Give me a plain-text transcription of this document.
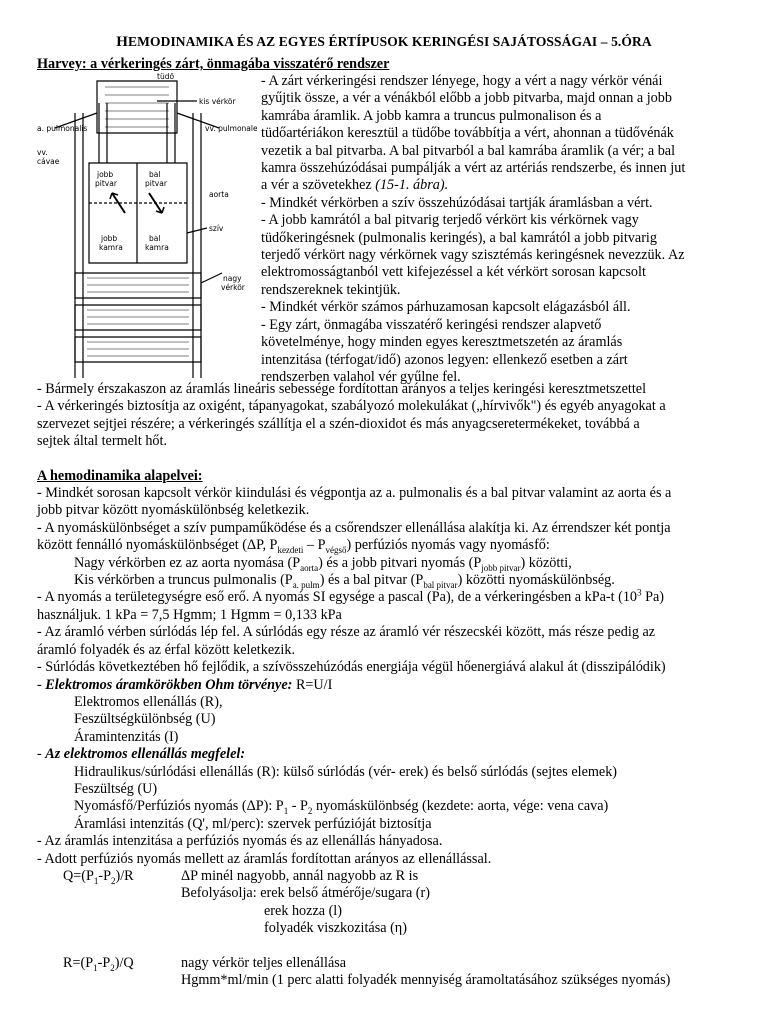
HEMODINAMIKA ÉS AZ EGYES ÉRTÍPUSOK KERINGÉSI SAJÁTOSSÁGAI – 5.ÓRA

Harvey: a vérkeringés zárt, önmagába visszatérő rendszer

tüdő
kis vérkör
a. pulmonalis	vv. pulmonales
vv.
cávae
jobb
pitvar
bal
pitvar
aorta
jobb
kamra
bal
kamra
szív
nagy
vérkör

- A zárt vérkeringési rendszer lényege, hogy a vért a nagy vérkör vénái

gyűjtik össze, a vér a vénákból előbb a jobb pitvarba, majd onnan a jobb

kamrába áramlik. A jobb kamra a truncus pulmonalison és a

tüdőartériákon keresztül a tüdőbe továbbítja a vért, ahonnan a tüdővénák

vezetik a bal pitvarba. A bal pitvarból a bal kamrába áramlik (a vér; a bal

kamra összehúzódásai pumpálják a vért az artériás rendszerbe, és innen jut

a vér a szövetekhez (15-1. ábra).

- Mindkét vérkörben a szív összehúzódásai tartják áramlásban a vért.

- A jobb kamrától a bal pitvarig terjedő vérkört kis vérkörnek vagy

tüdőkeringésnek (pulmonalis keringés), a bal kamrától a jobb pitvarig

terjedő vérkört nagy vérkörnek vagy szisztémás keringésnek nevezzük. Az

elektromosságtanból vett kifejezéssel a két vérkört sorosan kapcsolt

rendszereknek tekintjük.

- Mindkét vérkör számos párhuzamosan kapcsolt elágazásból áll.

- Egy zárt, önmagába visszatérő keringési rendszer alapvető

követelménye, hogy minden egyes keresztmetszetén az áramlás

intenzitása (térfogat/idő) azonos legyen: ellenkező esetben a zárt

rendszerben valahol vér gyűlne fel.

- Bármely érszakaszon az áramlás lineáris sebessége fordítottan arányos a teljes keringési keresztmetszettel

- A vérkeringés biztosítja az oxigént, tápanyagokat, szabályozó molekulákat („hírvivők") és egyéb anyagokat a

szervezet sejtjei részére; a vérkeringés szállítja el a szén-dioxidot és más anyagcseretermékeket, továbbá a

sejtek által termelt hőt.

A hemodinamika alapelvei:

- Mindkét sorosan kapcsolt vérkör kiindulási és végpontja az a. pulmonalis és a bal pitvar valamint az aorta és a

jobb pitvar között nyomáskülönbség keletkezik.

- A nyomáskülönbséget a szív pumpaműködése és a csőrendszer ellenállása alakítja ki. Az érrendszer két pontja

között fennálló nyomáskülönbséget (ΔP, $P_{kezdeti} - P_{végső}$) perfúziós nyomás vagy nyomásfő:

Nagy vérkörben ez az aorta nyomása $(P_{aorta})$ és a jobb pitvari nyomás $(P_{jobb pitvar})$ közötti,

Kis vérkörben a truncus pulmonalis $(P_{a. pulm})$ és a bal pitvar $(P_{bal pitvar})$ közötti nyomáskülönbség.

- A nyomás a területegységre eső erő. A nyomás SI egysége a pascal (Pa), de a vérkeringésben a kPa-t ($10^3$ Pa)

használjuk. 1 kPa = 7,5 Hgmm; 1 Hgmm = 0,133 kPa

- Az áramló vérben súrlódás lép fel. A súrlódás egy része az áramló vér részecskéi között, más része pedig az

áramló folyadék és az érfal között keletkezik.

- Súrlódás következtében hő fejlődik, a szívösszehúzódás energiája végül hőenergiává alakul át (disszipálódik)

- Elektromos áramkörökben Ohm törvénye: R=U/I

Elektromos ellenállás (R),

Feszültségkülönbség (U)

Áramintenzitás (I)

- Az elektromos ellenállás megfelel:

Hidraulikus/súrlódási ellenállás (R): külső súrlódás (vér- erek) és belső súrlódás (sejtes elemek)

Feszültség (U)

Nyomásfő/Perfúziós nyomás (ΔP): $P_1 - P_2$ nyomáskülönbség (kezdete: aorta, vége: vena cava)

Áramlási intenzitás (Q', ml/perc): szervek perfúzióját biztosítja

- Az áramlás intenzitása a perfúziós nyomás és az ellenállás hányadosa.

- Adott perfúziós nyomás mellett az áramlás fordítottan arányos az ellenállással.

$Q=(P_1-P_2)/R$	ΔP minél nagyobb, annál nagyobb az R is
Befolyásolja: erek belső átmérője/sugara (r)

erek hozza (l)

folyadék viszkozitása (η)

$R=(P_1-P_2)/Q$	nagy vérkör teljes ellenállása
Hgmm*ml/min (1 perc alatti folyadék mennyiség áramoltatásához szükséges nyomás)
